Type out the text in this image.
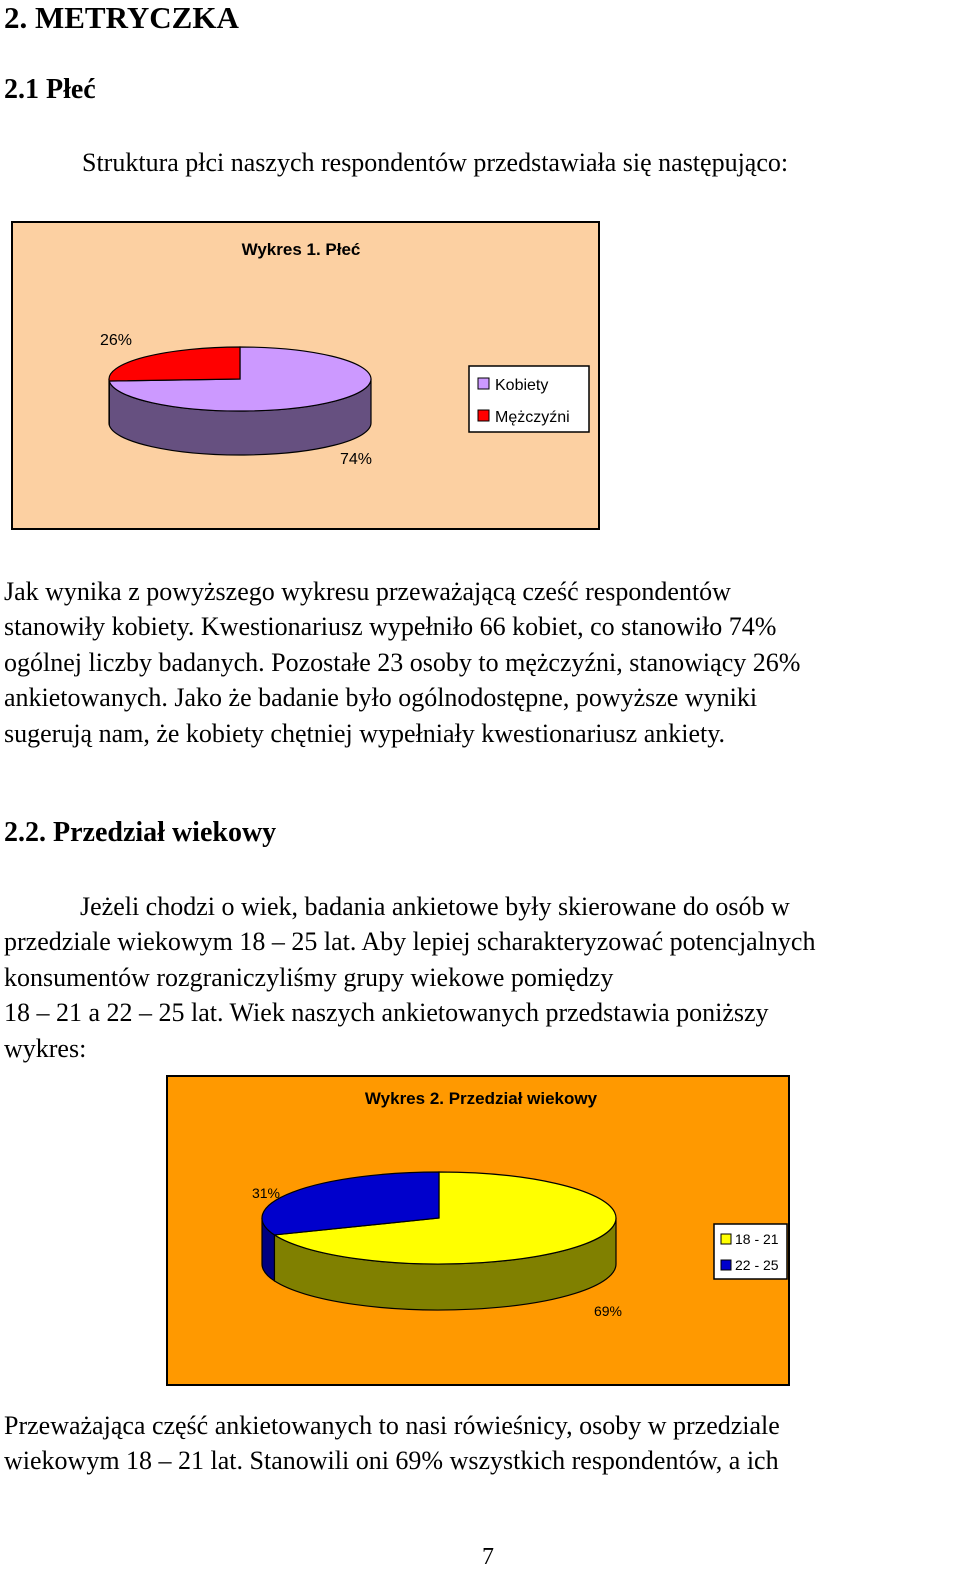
2. METRYCZKA
2.1 Płeć

Struktura płci naszych respondentów przedstawiała się następująco:

Wykres 1. Płeć
26%
74%
Kobiety
Mężczyźni
Jak wynika z powyższego wykresu przeważającą cześć respondentów
stanowiły kobiety. Kwestionariusz wypełniło 66 kobiet, co stanowiło 74%
ogólnej liczby badanych. Pozostałe 23 osoby to mężczyźni, stanowiący 26%
ankietowanych. Jako że badanie było ogólnodostępne, powyższe wyniki
sugerują nam, że kobiety chętniej wypełniały kwestionariusz ankiety.
2.2. Przedział wiekowy
Jeżeli chodzi o wiek, badania ankietowe były skierowane do osób w
przedziale wiekowym 18 – 25 lat. Aby lepiej scharakteryzować potencjalnych
konsumentów rozgraniczyliśmy grupy wiekowe pomiędzy
18 – 21 a 22 – 25 lat. Wiek naszych ankietowanych przedstawia poniższy
wykres:
Wykres 2. Przedział wiekowy
31%
69%
18 - 21
22 - 25
Przeważająca część ankietowanych to nasi rówieśnicy, osoby w przedziale
wiekowym 18 – 21 lat. Stanowili oni 69% wszystkich respondentów, a ich
7
